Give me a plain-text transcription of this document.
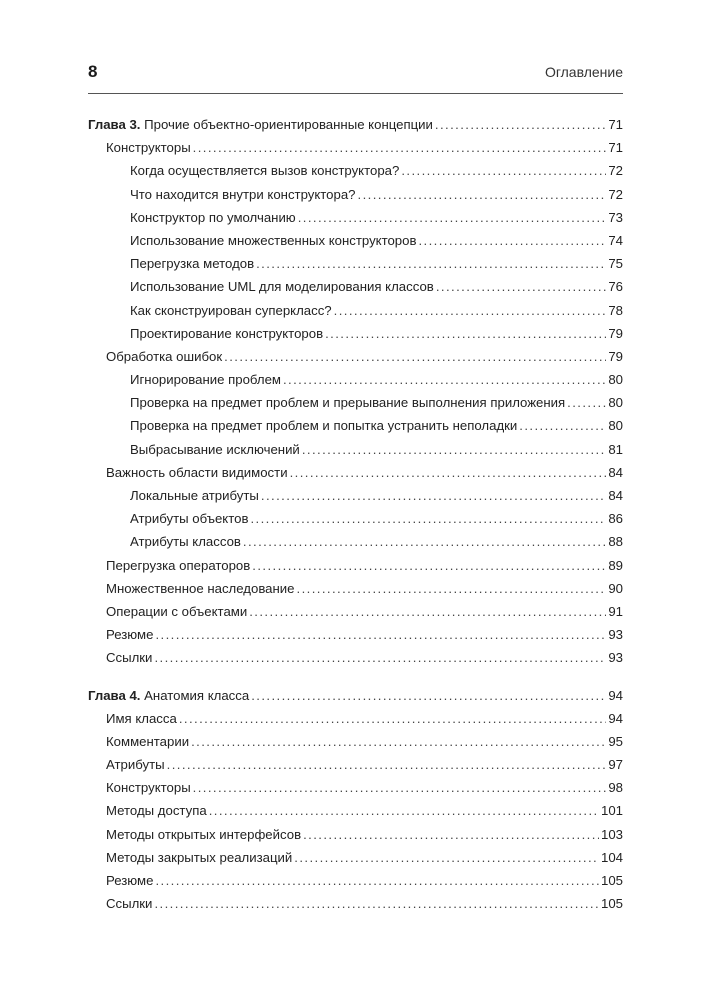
8	Оглавление
Глава 3. Прочие объектно-ориентированные концепции .....	71
Конструкторы .....	71
Когда осуществляется вызов конструктора? .....	72
Что находится внутри конструктора? .....	72
Конструктор по умолчанию .....	73
Использование множественных конструкторов .....	74
Перегрузка методов .....	75
Использование UML для моделирования классов .....	76
Как сконструирован суперкласс? .....	78
Проектирование конструкторов .....	79
Обработка ошибок .....	79
Игнорирование проблем .....	80
Проверка на предмет проблем и прерывание выполнения приложения .....	80
Проверка на предмет проблем и попытка устранить неполадки .....	80
Выбрасывание исключений .....	81
Важность области видимости .....	84
Локальные атрибуты .....	84
Атрибуты объектов .....	86
Атрибуты классов .....	88
Перегрузка операторов .....	89
Множественное наследование .....	90
Операции с объектами .....	91
Резюме .....	93
Ссылки .....	93
Глава 4. Анатомия класса .....	94
Имя класса .....	94
Комментарии .....	95
Атрибуты .....	97
Конструкторы .....	98
Методы доступа .....	101
Методы открытых интерфейсов .....	103
Методы закрытых реализаций .....	104
Резюме .....	105
Ссылки .....	105
